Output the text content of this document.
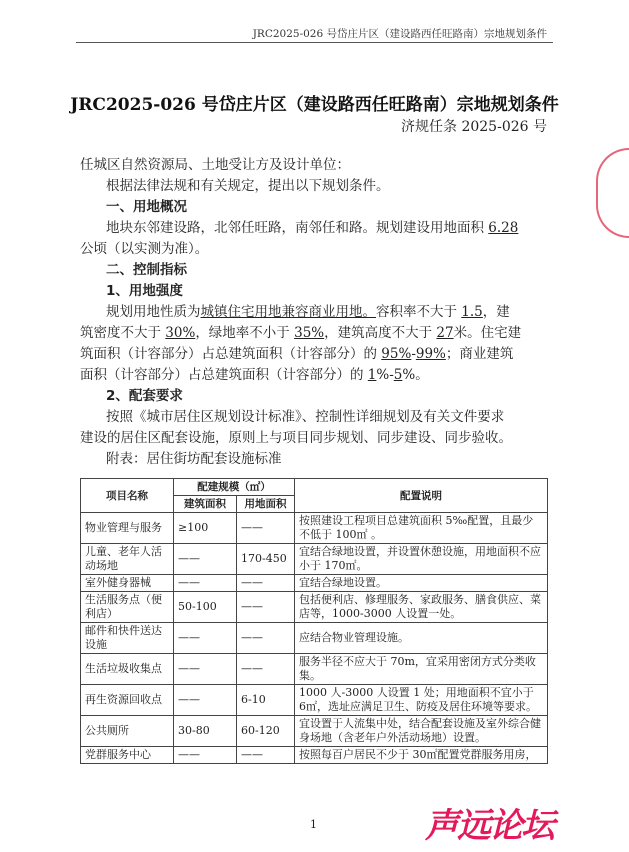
JRC2025-026 号岱庄片区（建设路西任旺路南）宗地规划条件
JRC2025-026 号岱庄片区（建设路西任旺路南）宗地规划条件
济规任条 2025-026 号
任城区自然资源局、土地受让方及设计单位：
根据法律法规和有关规定，提出以下规划条件。
一、用地概况
地块东邻建设路，北邻任旺路，南邻任和路。规划建设用地面积 6.28
公顷（以实测为准）。
二、控制指标
1、用地强度
规划用地性质为城镇住宅用地兼容商业用地。容积率不大于 1.5，建
筑密度不大于 30%，绿地率不小于 35%，建筑高度不大于 27米。住宅建
筑面积（计容部分）占总建筑面积（计容部分）的 95%-99%；商业建筑
面积（计容部分）占总建筑面积（计容部分）的 1%-5%。
2、配套要求
按照《城市居住区规划设计标准》、控制性详细规划及有关文件要求
建设的居住区配套设施，原则上与项目同步规划、同步建设、同步验收。
附表：居住街坊配套设施标准
项目名称	配建规模（㎡）		配置说明
	建筑面积	用地面积	
物业管理与服务	≥100	——	按照建设工程项目总建筑面积 5‰配置，且最少不低于 100㎡ 。
儿童、老年人活动场地	——	170-450	宜结合绿地设置，并设置休憩设施，用地面积不应小于 170㎡。
室外健身器械	——	——	宜结合绿地设置。
生活服务点（便利店）	50-100	——	包括便利店、修理服务、家政服务、膳食供应、菜店等，1000-3000 人设置一处。
邮件和快件送达设施	——	——	应结合物业管理设施。
生活垃圾收集点	——	——	服务半径不应大于 70m，宜采用密闭方式分类收集。
再生资源回收点	——	6-10	1000 人-3000 人设置 1 处；用地面积不宜小于 6㎡，选址应满足卫生、防疫及居住环境等要求。
公共厕所	30-80	60-120	宜设置于人流集中处，结合配套设施及室外综合健身场地（含老年户外活动场地）设置。
党群服务中心	——	——	按照每百户居民不少于 30㎡配置党群服务用房，
1	声远论坛
